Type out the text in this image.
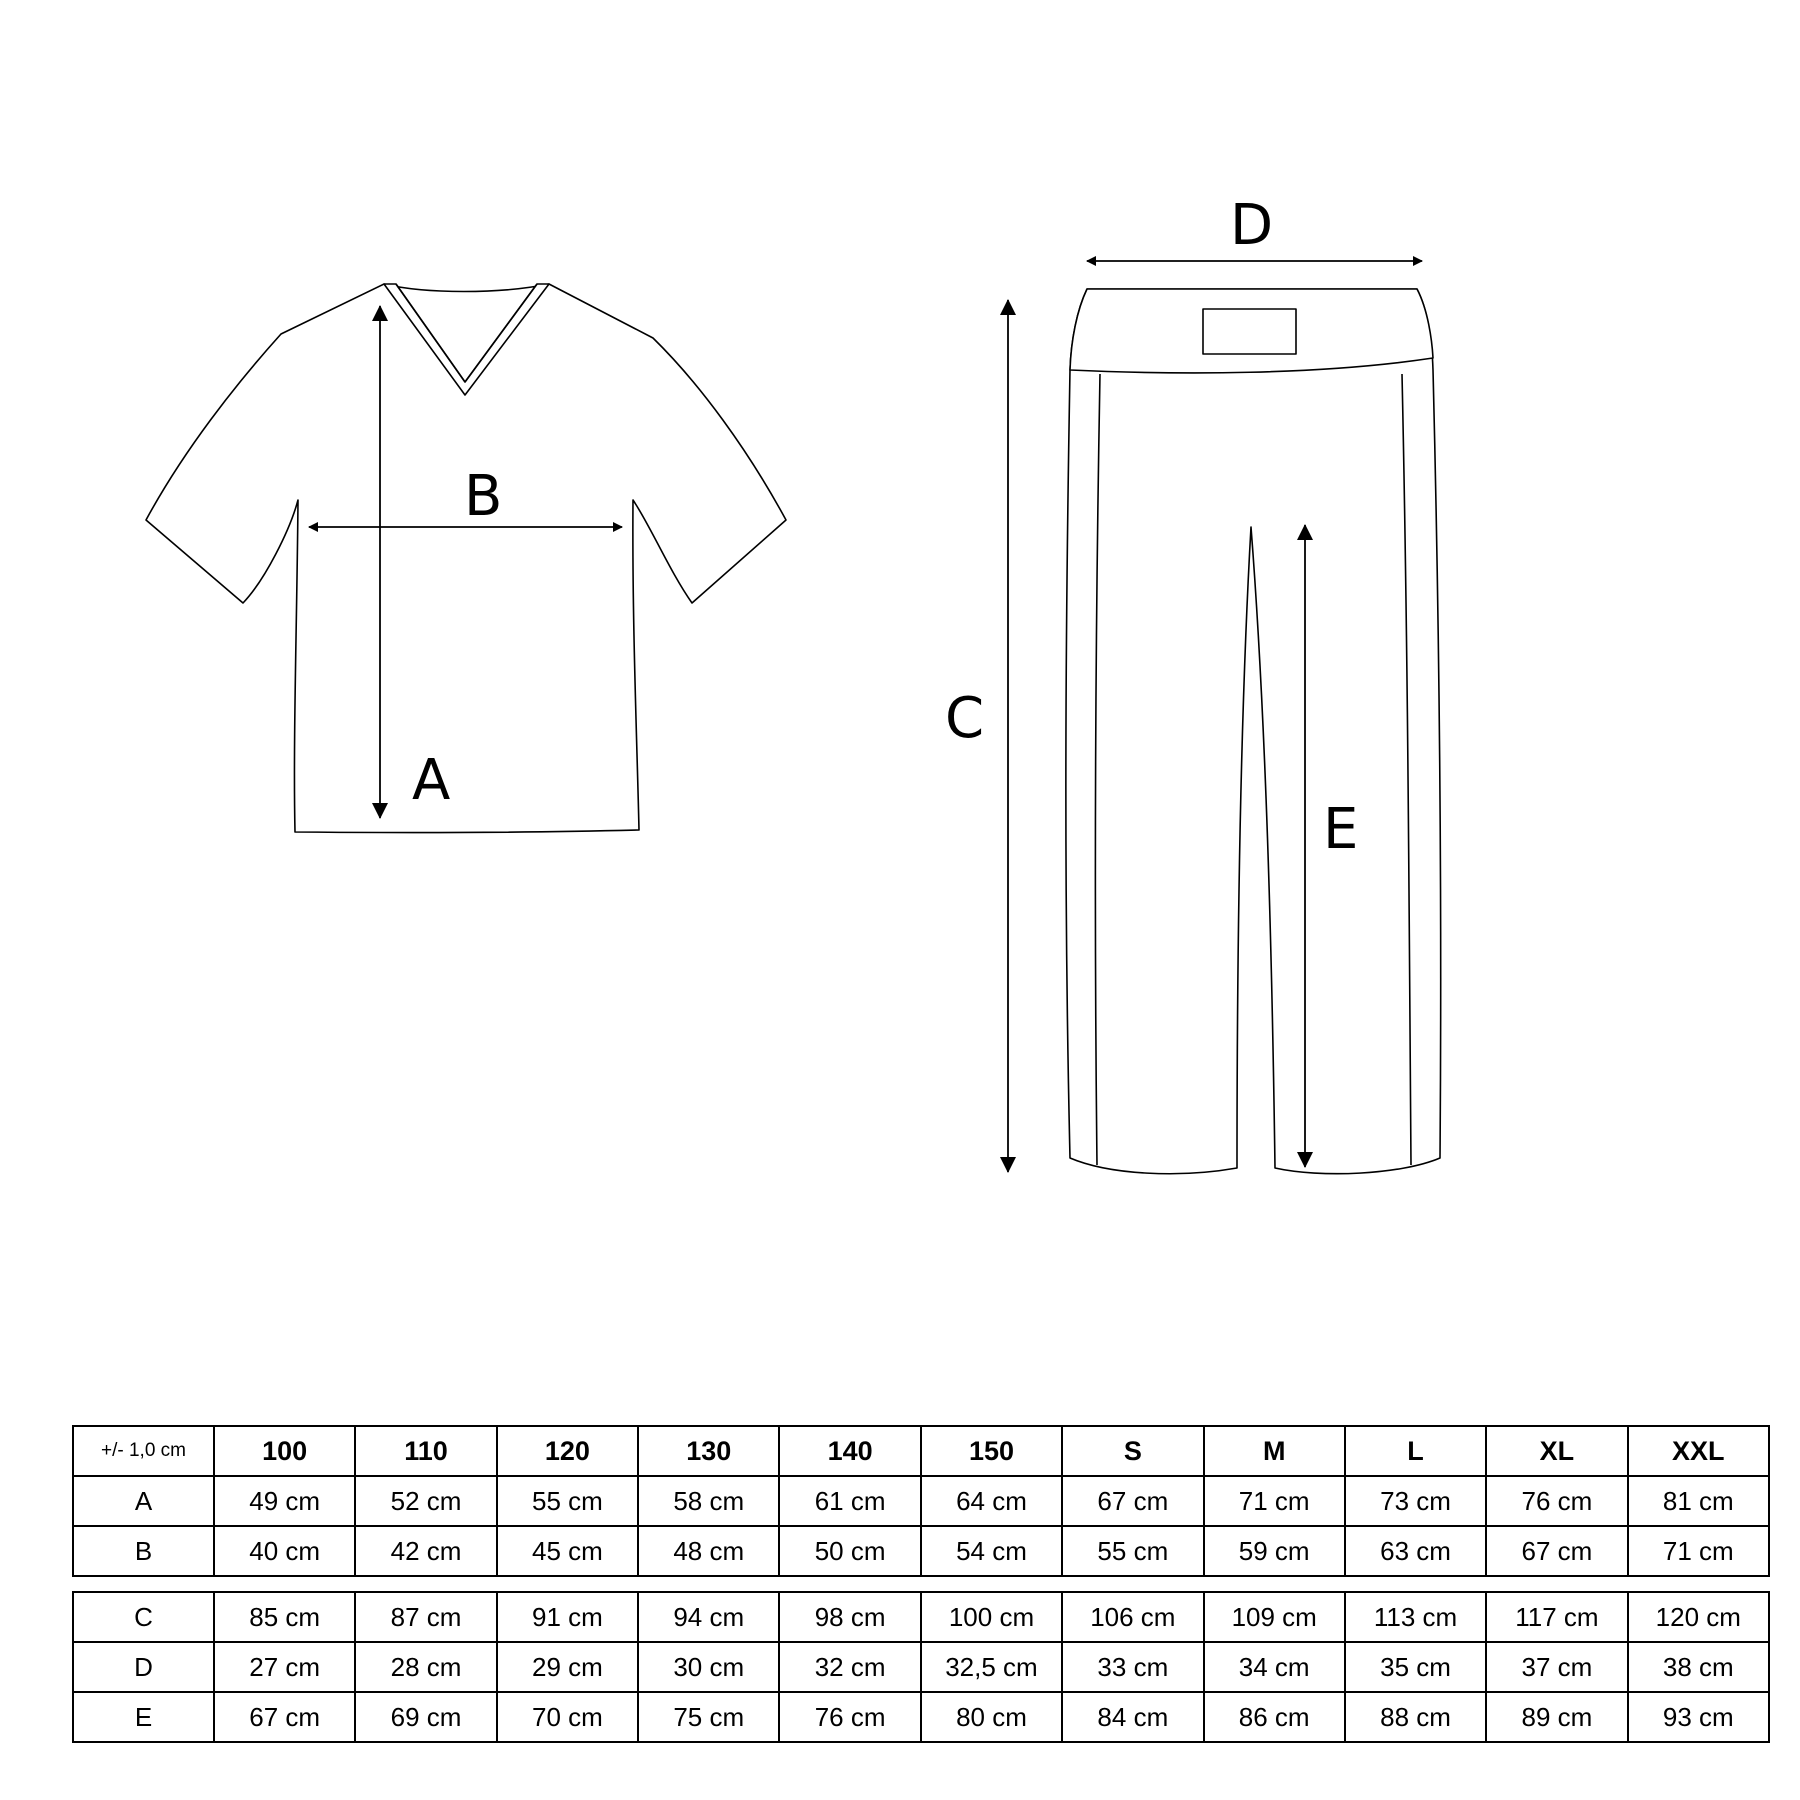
A
B
C
D
E
+/- 1,0 cm	100	110	120	130	140	150	S	M	L	XL	XXL
A	49 cm	52 cm	55 cm	58 cm	61 cm	64 cm	67 cm	71 cm	73 cm	76 cm	81 cm
B	40 cm	42 cm	45 cm	48 cm	50 cm	54 cm	55 cm	59 cm	63 cm	67 cm	71 cm
C	85 cm	87 cm	91 cm	94 cm	98 cm	100 cm	106 cm	109 cm	113 cm	117 cm	120 cm
D	27 cm	28 cm	29 cm	30 cm	32 cm	32,5 cm	33 cm	34 cm	35 cm	37 cm	38 cm
E	67 cm	69 cm	70 cm	75 cm	76 cm	80 cm	84 cm	86 cm	88 cm	89 cm	93 cm
